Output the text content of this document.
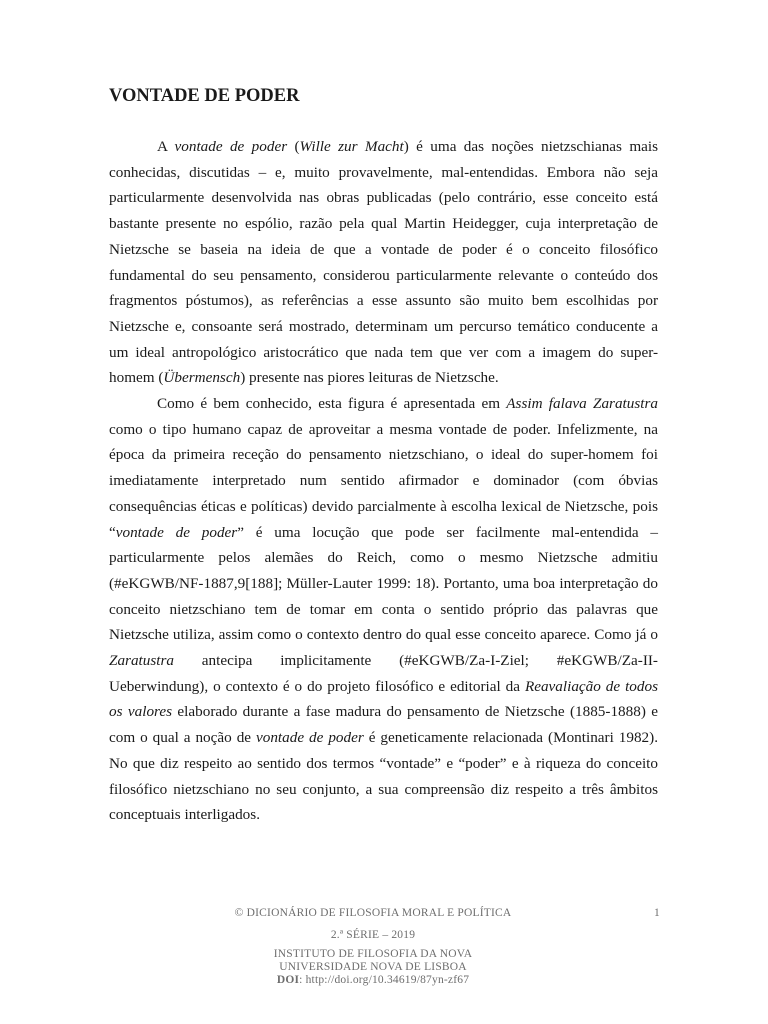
VONTADE DE PODER

A vontade de poder (Wille zur Macht) é uma das noções nietzschianas mais conhecidas, discutidas – e, muito provavelmente, mal-entendidas. Embora não seja particularmente desenvolvida nas obras publicadas (pelo contrário, esse conceito está bastante presente no espólio, razão pela qual Martin Heidegger, cuja interpretação de Nietzsche se baseia na ideia de que a vontade de poder é o conceito filosófico fundamental do seu pensamento, considerou particularmente relevante o conteúdo dos fragmentos póstumos), as referências a esse assunto são muito bem escolhidas por Nietzsche e, consoante será mostrado, determinam um percurso temático conducente a um ideal antropológico aristocrático que nada tem que ver com a imagem do super-homem (Übermensch) presente nas piores leituras de Nietzsche.

Como é bem conhecido, esta figura é apresentada em Assim falava Zaratustra como o tipo humano capaz de aproveitar a mesma vontade de poder. Infelizmente, na época da primeira receção do pensamento nietzschiano, o ideal do super-homem foi imediatamente interpretado num sentido afirmador e dominador (com óbvias consequências éticas e políticas) devido parcialmente à escolha lexical de Nietzsche, pois “vontade de poder” é uma locução que pode ser facilmente mal-entendida – particularmente pelos alemães do Reich, como o mesmo Nietzsche admitiu (#eKGWB/NF-1887,9[188]; Müller-Lauter 1999: 18). Portanto, uma boa interpretação do conceito nietzschiano tem de tomar em conta o sentido próprio das palavras que Nietzsche utiliza, assim como o contexto dentro do qual esse conceito aparece. Como já o Zaratustra antecipa implicitamente (#eKGWB/Za-I-Ziel; #eKGWB/Za-II-Ueberwindung), o contexto é o do projeto filosófico e editorial da Reavaliação de todos os valores elaborado durante a fase madura do pensamento de Nietzsche (1885-1888) e com o qual a noção de vontade de poder é geneticamente relacionada (Montinari 1982). No que diz respeito ao sentido dos termos “vontade” e “poder” e à riqueza do conceito filosófico nietzschiano no seu conjunto, a sua compreensão diz respeito a três âmbitos conceptuais interligados.

© DICIONÁRIO DE FILOSOFIA MORAL E POLÍTICA	1
2.ª SÉRIE – 2019
INSTITUTO DE FILOSOFIA DA NOVA
UNIVERSIDADE NOVA DE LISBOA
DOI: http://doi.org/10.34619/87yn-zf67
